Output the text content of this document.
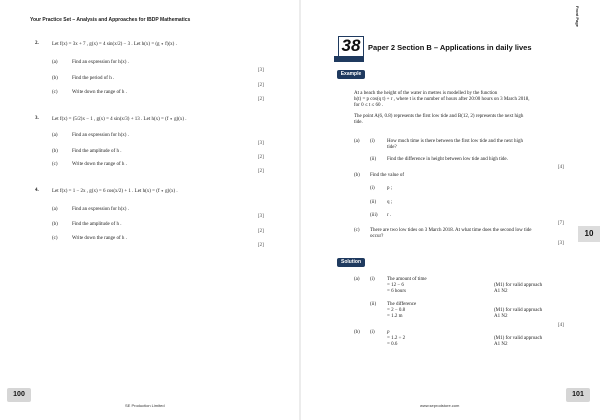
Your Practice Set – Analysis and Approaches for IBDP Mathematics
2.	Let f(x) = 3x + 7 , g(x) = 4 sin(x/2) − 3 . Let h(x) = (g ∘ f)(x) .
(a)	Find an expression for h(x) .
[3]
(b)	Find the period of h .
[2]
(c)	Write down the range of h .
[2]
3.	Let f(x) = (5/2)x − 1 , g(x) = 4 sin(x/3) + 13 . Let h(x) = (f ∘ g)(x) .
(a)	Find an expression for h(x) .
[3]
(b)	Find the amplitude of h .
[2]
(c)	Write down the range of h .
[2]
4.	Let f(x) = 1 − 2x , g(x) = 6 cos(x/2) + 1 . Let h(x) = (f ∘ g)(x) .
(a)	Find an expression for h(x) .
[3]
(b)	Find the amplitude of h .
[2]
(c)	Write down the range of h .
[2]
100
SE Production Limited
Front Page
38	Paper 2 Section B – Applications in daily lives
Example
At a beach the height of the water in metres is modelled by the function
h(t) = p cos(q t) + r , where t is the number of hours after 20:00 hours on 3 March 2018,
for 0 ≤ t ≤ 60 .
The point A(6, 0.8) represents the first low tide and B(12, 2) represents the next high
tide.
(a) (i) How much time is there between the first low tide and the next high
tide?
(ii) Find the difference in height between low tide and high tide.
[4]
(b) Find the value of
(i) p ;
(ii) q ;
(iii) r .
[7]
(c) There are two low tides on 3 March 2018. At what time does the second low tide
occur?
[3]
10
Solution
(a) (i) The amount of time
= 12 − 6
= 6 hours
(M1) for valid approach
A1 N2
(ii) The difference
= 2 − 0.8
= 1.2 m
(M1) for valid approach
A1 N2
[4]
(b) (i) p
= 1.2 ÷ 2
= 0.6
(M1) for valid approach
A1 N2
101
www.seprodstore.com
